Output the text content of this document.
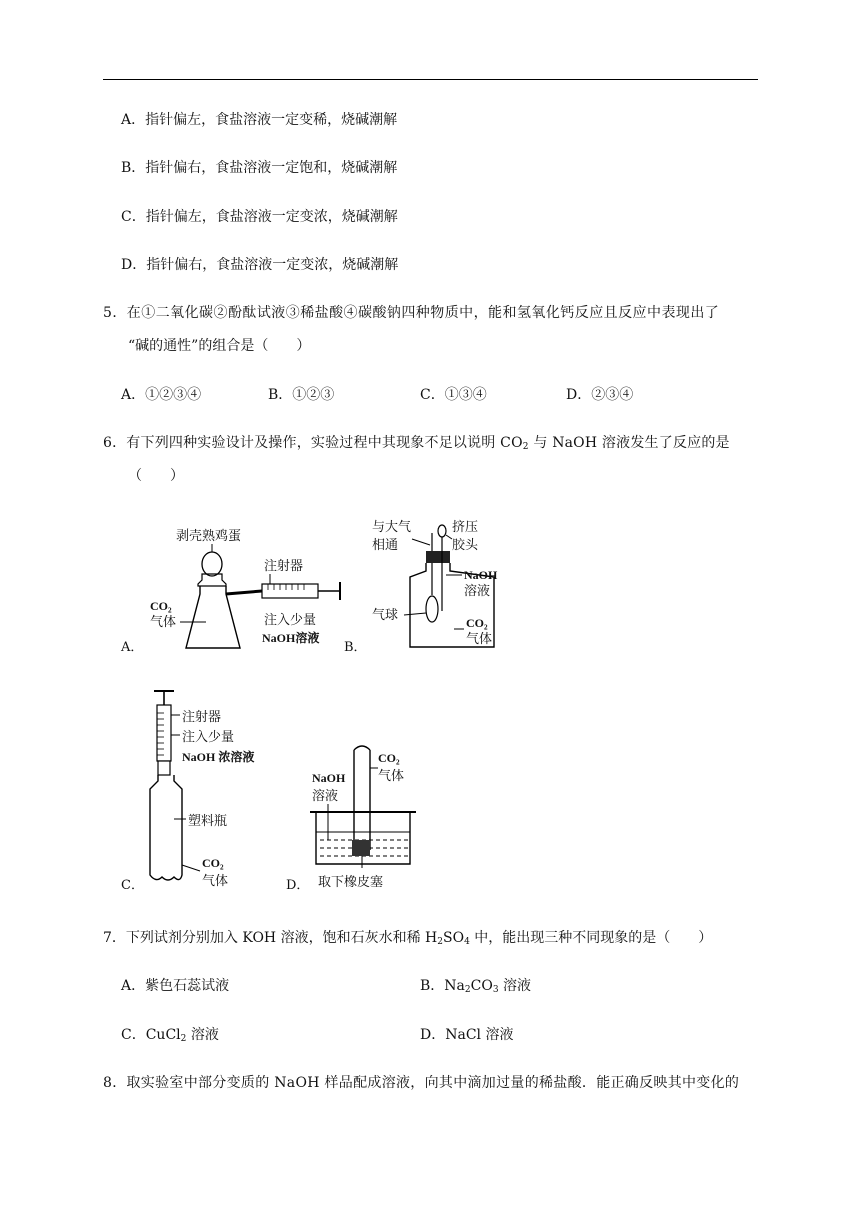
A．指针偏左，食盐溶液一定变稀，烧碱潮解
B．指针偏右，食盐溶液一定饱和，烧碱潮解
C．指针偏左，食盐溶液一定变浓，烧碱潮解
D．指针偏右，食盐溶液一定变浓，烧碱潮解
5．在①二氧化碳②酚酞试液③稀盐酸④碳酸钠四种物质中，能和氢氧化钙反应且反应中表现出了
“碱的通性”的组合是（　　）
A．①②③④	B．①②③	C．①③④	D．②③④
6．有下列四种实验设计及操作，实验过程中其现象不足以说明 $CO_2$ 与 NaOH 溶液发生了反应的是
（　　）
剥壳熟鸡蛋
注射器
CO₂
气体	注入少量
NaOH溶液
A．
与大气
相通
挤压
胶头
NaOH
溶液
气球	CO₂
气体
B．
注射器
注入少量
NaOH 浓溶液
塑料瓶
CO₂
气体
C．
CO₂
气体
NaOH
溶液
取下橡皮塞
D．
7．下列试剂分别加入 KOH 溶液，饱和石灰水和稀 $H_2SO_4$ 中，能出现三种不同现象的是（　　）
A．紫色石蕊试液	B．$Na_2CO_3$ 溶液
C．CuCl$_2$ 溶液	D．NaCl 溶液
8．取实验室中部分变质的 NaOH 样品配成溶液，向其中滴加过量的稀盐酸．能正确反映其中变化的
